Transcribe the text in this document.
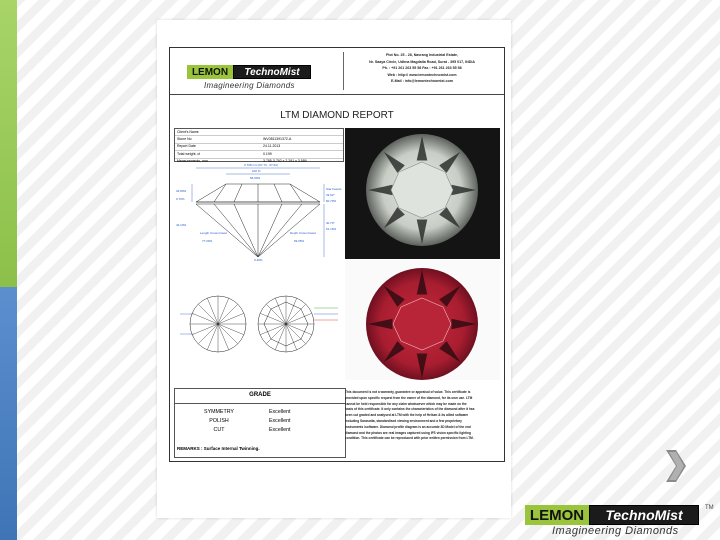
LEMON	TechnoMist
Imagineering Diamonds
Plot No. 25 - 28, Navrang Industrial Estate,
Nr. Saaya Circle, Udhna Magdalla Road, Surat - 395 017, INDIA
Ph. : +91 261 263 55 58 Fax : +91 261 263 55 58
Web : http:// www.lemontechnomist.com
E-Mail : info@lemontechnomist.com
LTM DIAMOND REPORT
Client's Name
Stone No	WV0811391372-A
Report Date	24.11.2013
Total weight, ct	0.199
Measurements, mm	3.785-3.792 x 2.291 x 3.589
0.708 mm (67.73 - 67.64)
100 %
56.90%
34.80%
0.70%
43.10%
Length Crown Facet
77.00%
0.49%
Depth Crown Facet
69.05%
Star Facets
33.62°
60.79%
40.70°
61.16%
GRADE
SYMMETRY	Excellent
POLISH	Excellent
CUT	Excellent
REMARKS : Surface Internal Twinning.
This document is not a warranty, guarantee or appraisal of value. This certificate is
provided upon specific request from the owner of the diamond, for its own use. LTM
cannot be held responsible for any claim whatsoever which may be made on the
basis of this certificate. It only contains the characteristics of the diamond after it has
been cut graded and analysed at LTM with the help of Helium & its allied software
including Sarasotta, standardised viewing environment and a few proprietary
instruments /software. Diamond profile diagram is an accurate 3D Model of the real
diamond and the photos are real images captured using IFS vision specific lighting
condition. This certificate can be reproduced with prior written permission from LTM.
LEMON	TechnoMist	TM
Imagineering Diamonds
